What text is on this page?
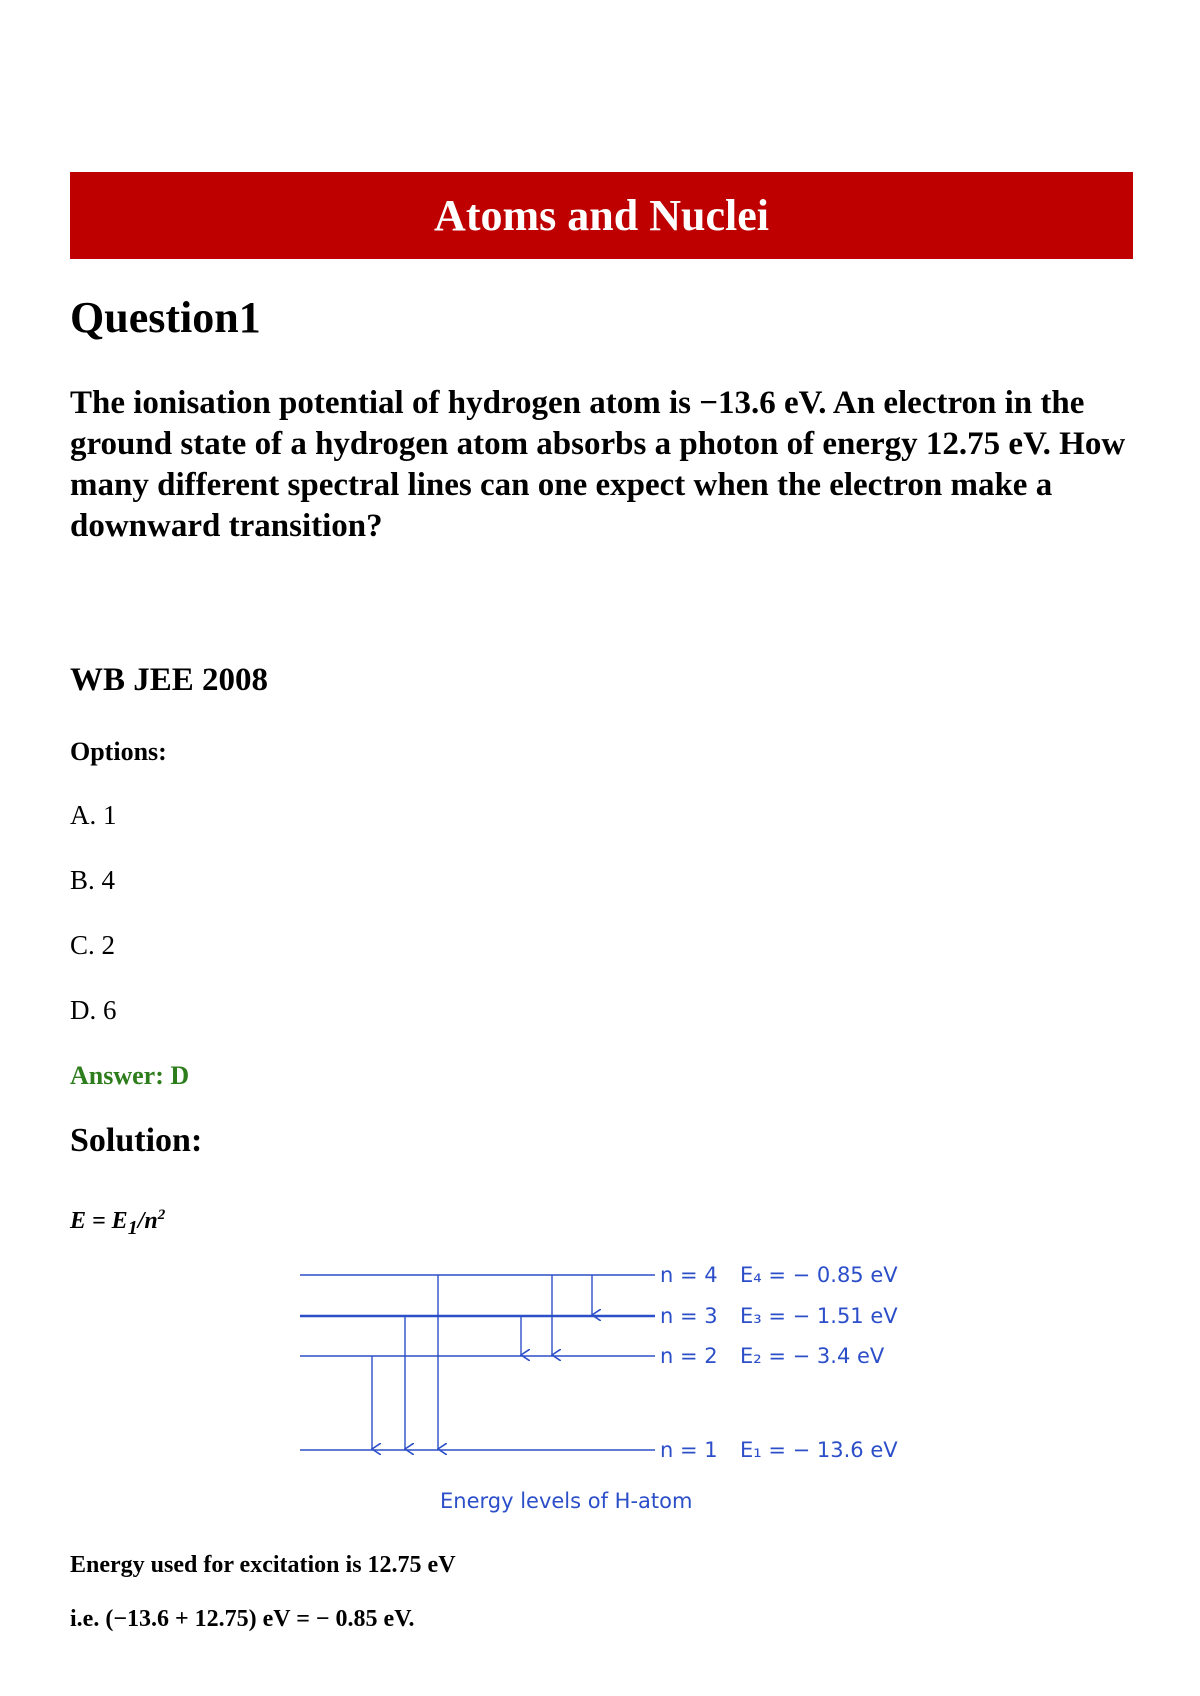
Atoms and Nuclei
Question1

The ionisation potential of hydrogen atom is −13.6 eV. An electron in the ground state of a hydrogen atom absorbs a photon of energy 12.75 eV. How many different spectral lines can one expect when the electron make a downward transition?

WB JEE 2008

Options:

A. 1

B. 4

C. 2

D. 6

Answer: D

Solution:

$E = E_1/n^2$

n = 4 E₄ = − 0.85 eV
n = 3 E₃ = − 1.51 eV
n = 2 E₂ = − 3.4 eV
n = 1 E₁ = − 13.6 eV
Energy levels of H-atom

Energy used for excitation is 12.75 eV

i.e. (−13.6 + 12.75) eV = − 0.85 eV.
